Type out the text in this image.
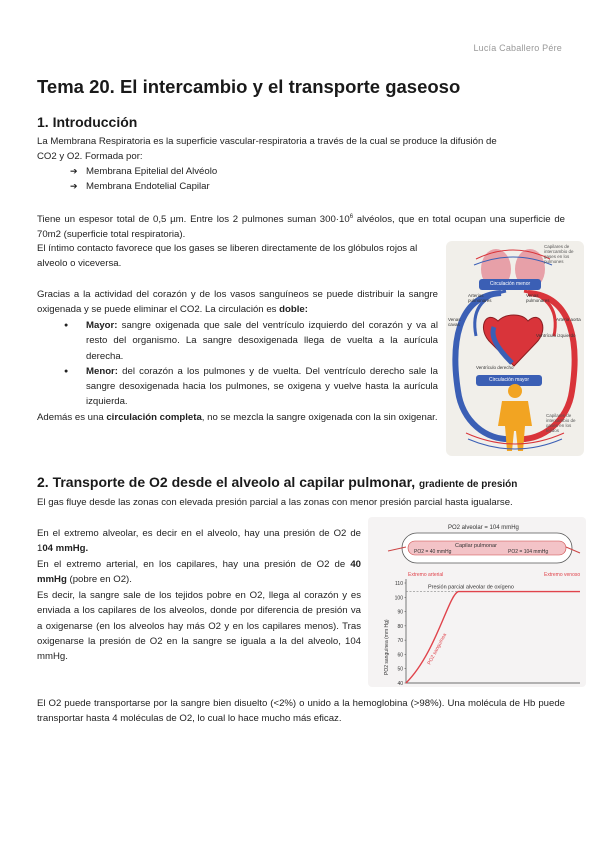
Lucía Caballero Pére
Tema 20. El intercambio y el transporte gaseoso
1. Introducción

La Membrana Respiratoria es la superficie vascular-respiratoria a través de la cual se produce la difusión de
CO2 y O2. Formada por:

➔ Membrana Epitelial del Alvéolo
➔ Membrana Endotelial Capilar

Tiene un espesor total de 0,5 µm. Entre los 2 pulmones suman $300\cdot 10^6$ alvéolos, que en total ocupan una superficie de 70m2 (superficie total respiratoria).

El íntimo contacto favorece que los gases se liberen directamente de los glóbulos rojos al alveolo o viceversa.

Gracias a la actividad del corazón y de los vasos sanguíneos se puede distribuir la sangre oxigenada y se puede eliminar el CO2. La circulación es doble:

● Mayor: sangre oxigenada que sale del ventrículo izquierdo del corazón y va al resto del organismo. La sangre desoxigenada llega de vuelta a la aurícula derecha.
● Menor: del corazón a los pulmones y de vuelta. Del ventrículo derecho sale la sangre desoxigenada hacia los pulmones, se oxigena y vuelve hasta la aurícula izquierda.

Además es una circulación completa, no se mezcla la sangre oxigenada con la sin oxigenar.

Capilares de intercambio de gases en los pulmones
Circulación menor
Arterias pulmonares
Venas pulmonares
Venas cavas
Arteria aorta
Ventrículo izquierdo
Ventrículo derecho
Circulación mayor
Capilares de intercambio de gases en los tejidos
2. Transporte de O2 desde el alveolo al capilar pulmonar, gradiente de presión

El gas fluye desde las zonas con elevada presión parcial a las zonas con menor presión parcial hasta igualarse.

En el extremo alveolar, es decir en el alveolo, hay una presión de O2 de 104 mmHg.

En el extremo arterial, en los capilares, hay una presión de O2 de 40 mmHg (pobre en O2).

Es decir, la sangre sale de los tejidos pobre en O2, llega al corazón y es enviada a los capilares de los alveolos, donde por diferencia de presión va a oxigenarse (en los alveolos hay más O2 y en los capilares menos). Tras oxigenarse la presión de O2 en la sangre se iguala a la del alveolo, 104 mmHg.

El O2 puede transportarse por la sangre bien disuelto (<2%) o unido a la hemoglobina (>98%). Una molécula de Hb puede transportar hasta 4 moléculas de O2, lo cual lo hace mucho más eficaz.

PO2 alveolar = 104 mmHg
Capilar pulmonar
PO2 = 40 mmHg	PO2 = 104 mmHg
110
100
90
80
70
60
50
40
Presión parcial alveolar de oxígeno
PO2 sanguínea
PO2 sanguínea (mm Hg)
Extremo arterial	Extremo venoso
